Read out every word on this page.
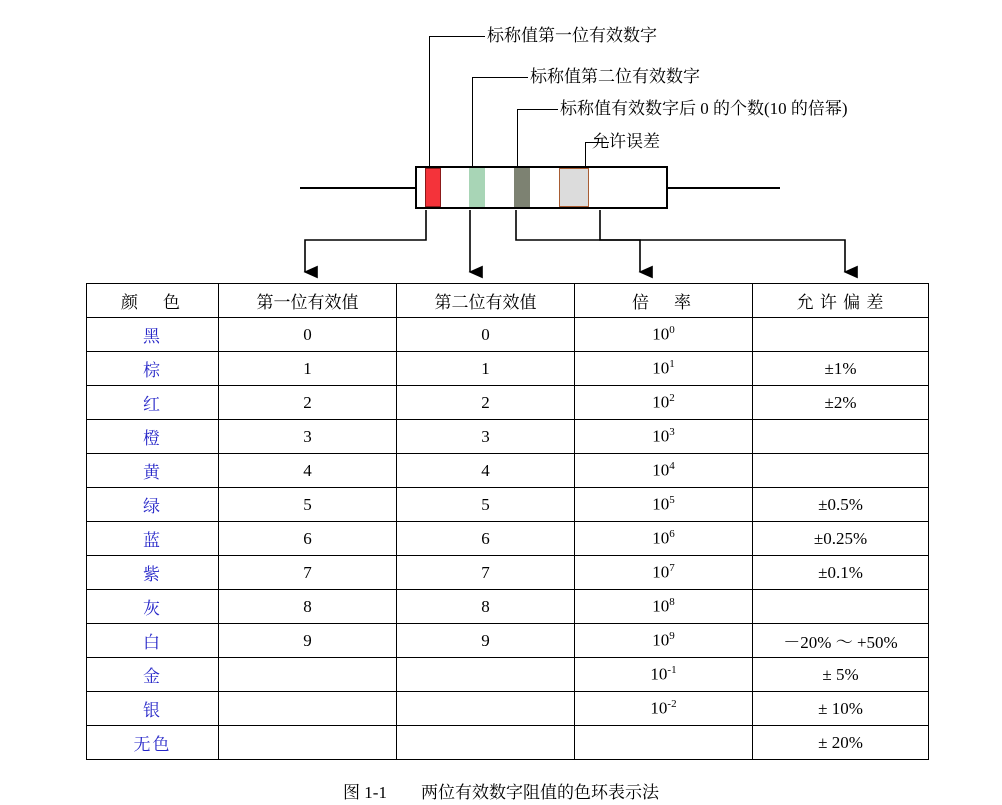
标称值第一位有效数字
标称值第二位有效数字
标称值有效数字后 0 的个数(10 的倍幂)
允许误差
颜　色	第一位有效值	第二位有效值	倍　率	允 许 偏 差
黑	0	0	$10^0$	
棕	1	1	$10^1$	±1%
红	2	2	$10^2$	±2%
橙	3	3	$10^3$	
黄	4	4	$10^4$	
绿	5	5	$10^5$	±0.5%
蓝	6	6	$10^6$	±0.25%
紫	7	7	$10^7$	±0.1%
灰	8	8	$10^8$	
白	9	9	$10^9$	－20% ～ +50%
金			$10^{-1}$	± 5%
银			$10^{-2}$	± 10%
无色				± 20%
图 1-1　　两位有效数字阻值的色环表示法
